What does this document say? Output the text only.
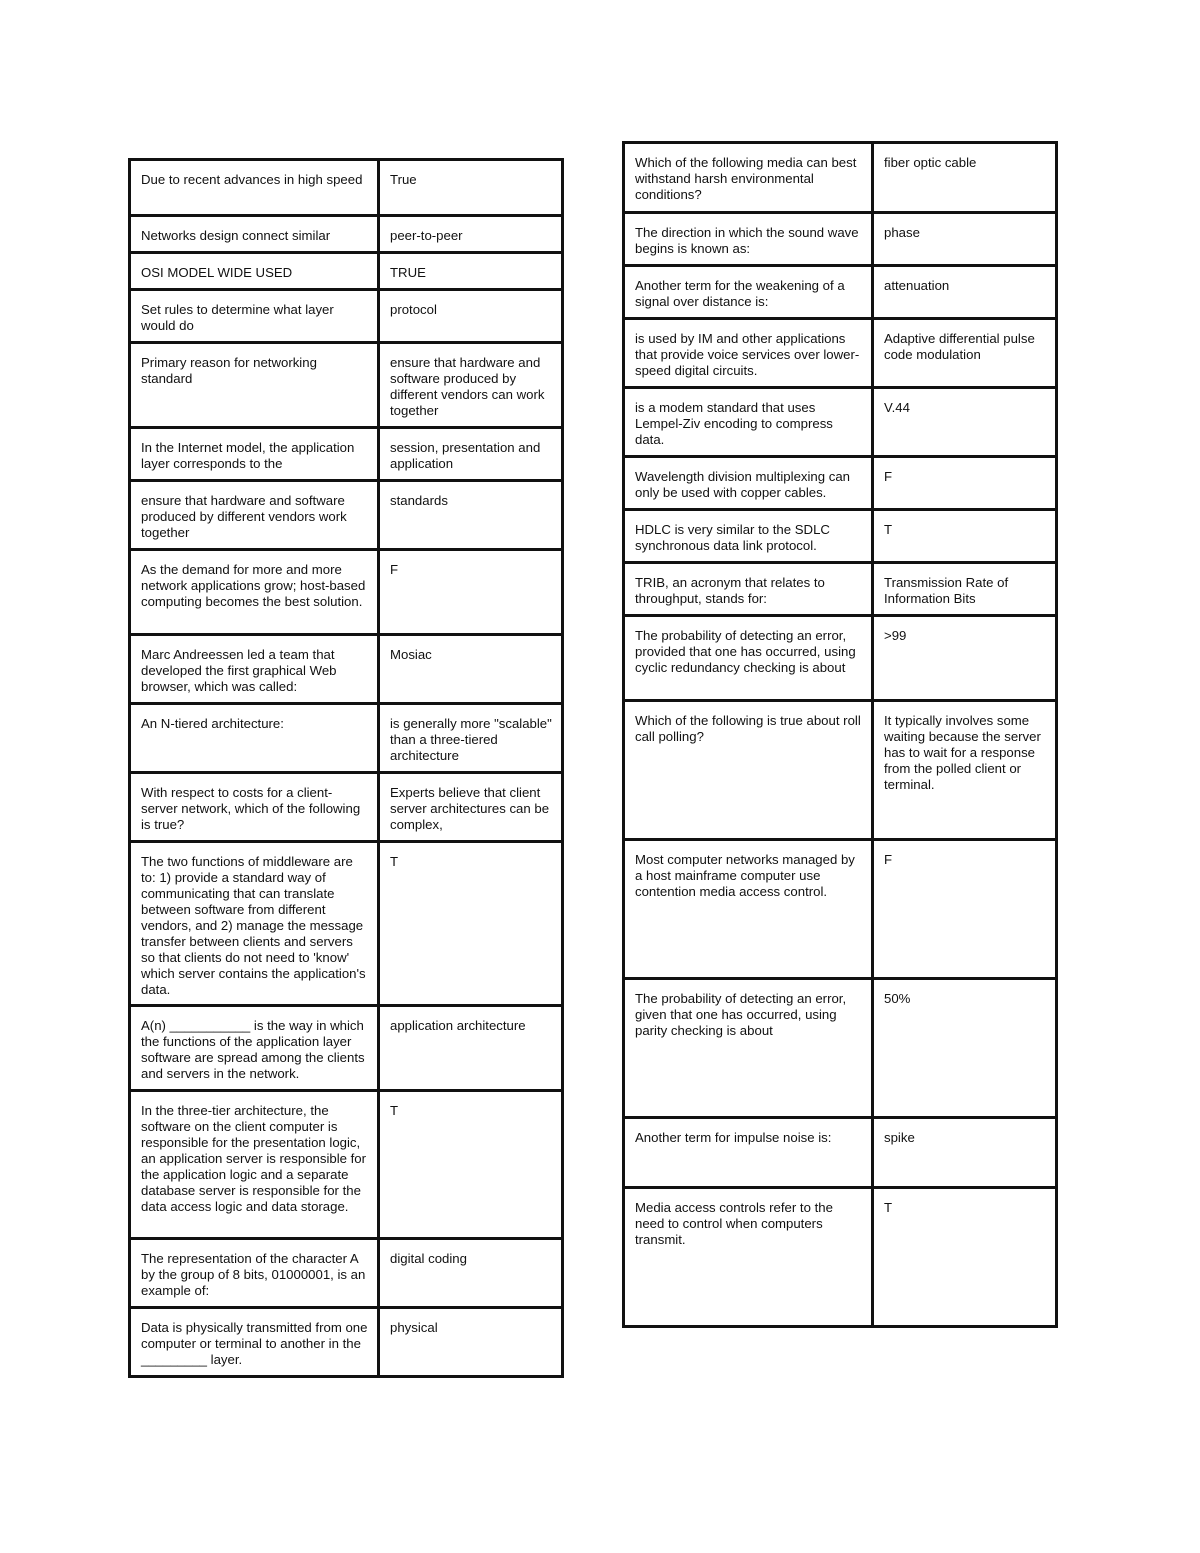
Due to recent advances in high speed	True
Networks design connect similar	peer-to-peer
OSI MODEL WIDE USED	TRUE
Set rules to determine what layer would do	protocol
Primary reason for networking standard	ensure that hardware and software produced by different vendors can work together
In the Internet model, the application layer corresponds to the	session, presentation and application
ensure that hardware and software produced by different vendors work together	standards
As the demand for more and more network applications grow; host-based computing becomes the best solution.	F
Marc Andreessen led a team that developed the first graphical Web browser, which was called:	Mosiac
An N-tiered architecture:	is generally more "scalable" than a three-tiered architecture
With respect to costs for a client-server network, which of the following is true?	Experts believe that client server architectures can be complex,
The two functions of middleware are to: 1) provide a standard way of communicating that can translate between software from different vendors, and 2) manage the message transfer between clients and servers so that clients do not need to 'know' which server contains the application's data.	T
A(n) ___________ is the way in which the functions of the application layer software are spread among the clients and servers in the network.	application architecture
In the three-tier architecture, the software on the client computer is responsible for the presentation logic, an application server is responsible for the application logic and a separate database server is responsible for the data access logic and data storage.	T
The representation of the character A by the group of 8 bits, 01000001, is an example of:	digital coding
Data is physically transmitted from one computer or terminal to another in the _________ layer.	physical
Which of the following media can best withstand harsh environmental conditions?	fiber optic cable
The direction in which the sound wave begins is known as:	phase
Another term for the weakening of a signal over distance is:	attenuation
is used by IM and other applications that provide voice services over lower-speed digital circuits.	Adaptive differential pulse code modulation
is a modem standard that uses Lempel-Ziv encoding to compress data.	V.44
Wavelength division multiplexing can only be used with copper cables.	F
HDLC is very similar to the SDLC synchronous data link protocol.	T
TRIB, an acronym that relates to throughput, stands for:	Transmission Rate of Information Bits
The probability of detecting an error, provided that one has occurred, using cyclic redundancy checking is about	>99
Which of the following is true about roll call polling?	It typically involves some waiting because the server has to wait for a response from the polled client or terminal.
Most computer networks managed by a host mainframe computer use contention media access control.	F
The probability of detecting an error, given that one has occurred, using parity checking is about	50%
Another term for impulse noise is:	spike
Media access controls refer to the need to control when computers transmit.	T
